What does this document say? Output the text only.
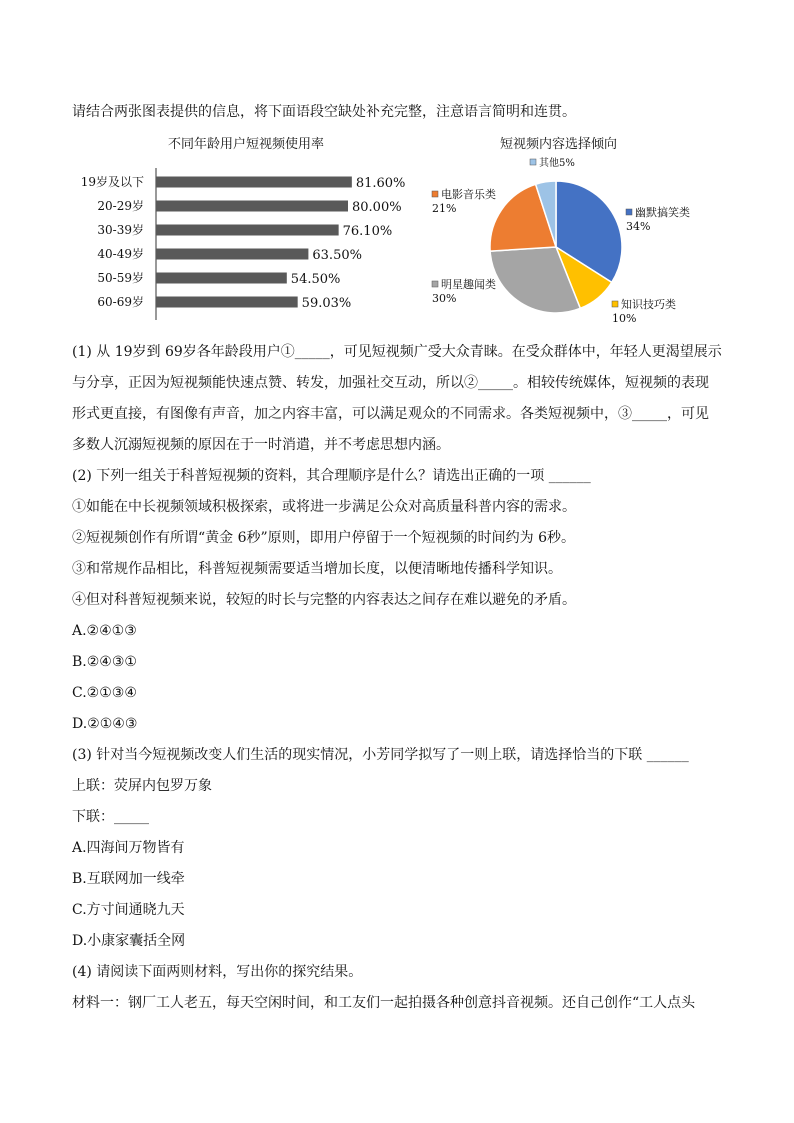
请结合两张图表提供的信息，将下面语段空缺处补充完整，注意语言简明和连贯。
不同年龄用户短视频使用率
19岁及以下	81.60%
20-29岁	80.00%
30-39岁	76.10%
40-49岁	63.50%
50-59岁	54.50%
60-69岁	59.03%
短视频内容选择倾向
幽默搞笑类
34%
知识技巧类
10%
明星趣闻类
30%
电影音乐类
21%
其他5%
(1) 从 19岁到 69岁各年龄段用户①_____，可见短视频广受大众青睐。在受众群体中，年轻人更渴望展示
与分享，正因为短视频能快速点赞、转发，加强社交互动，所以②_____。相较传统媒体，短视频的表现
形式更直接，有图像有声音，加之内容丰富，可以满足观众的不同需求。各类短视频中，③_____，可见
多数人沉溺短视频的原因在于一时消遣，并不考虑思想内涵。
(2) 下列一组关于科普短视频的资料，其合理顺序是什么？请选出正确的一项 ______
①如能在中长视频领域积极探索，或将进一步满足公众对高质量科普内容的需求。
②短视频创作有所谓“黄金 6秒”原则，即用户停留于一个短视频的时间约为 6秒。
③和常规作品相比，科普短视频需要适当增加长度，以便清晰地传播科学知识。
④但对科普短视频来说，较短的时长与完整的内容表达之间存在难以避免的矛盾。
A.②④①③
B.②④③①
C.②①③④
D.②①④③
(3) 针对当今短视频改变人们生活的现实情况，小芳同学拟写了一则上联，请选择恰当的下联 ______
上联：荧屏内包罗万象
下联：_____
A.四海间万物皆有
B.互联网加一线牵
C.方寸间通晓九天
D.小康家囊括全网
(4) 请阅读下面两则材料，写出你的探究结果。
材料一：钢厂工人老五，每天空闲时间，和工友们一起拍摄各种创意抖音视频。还自己创作“工人点头
